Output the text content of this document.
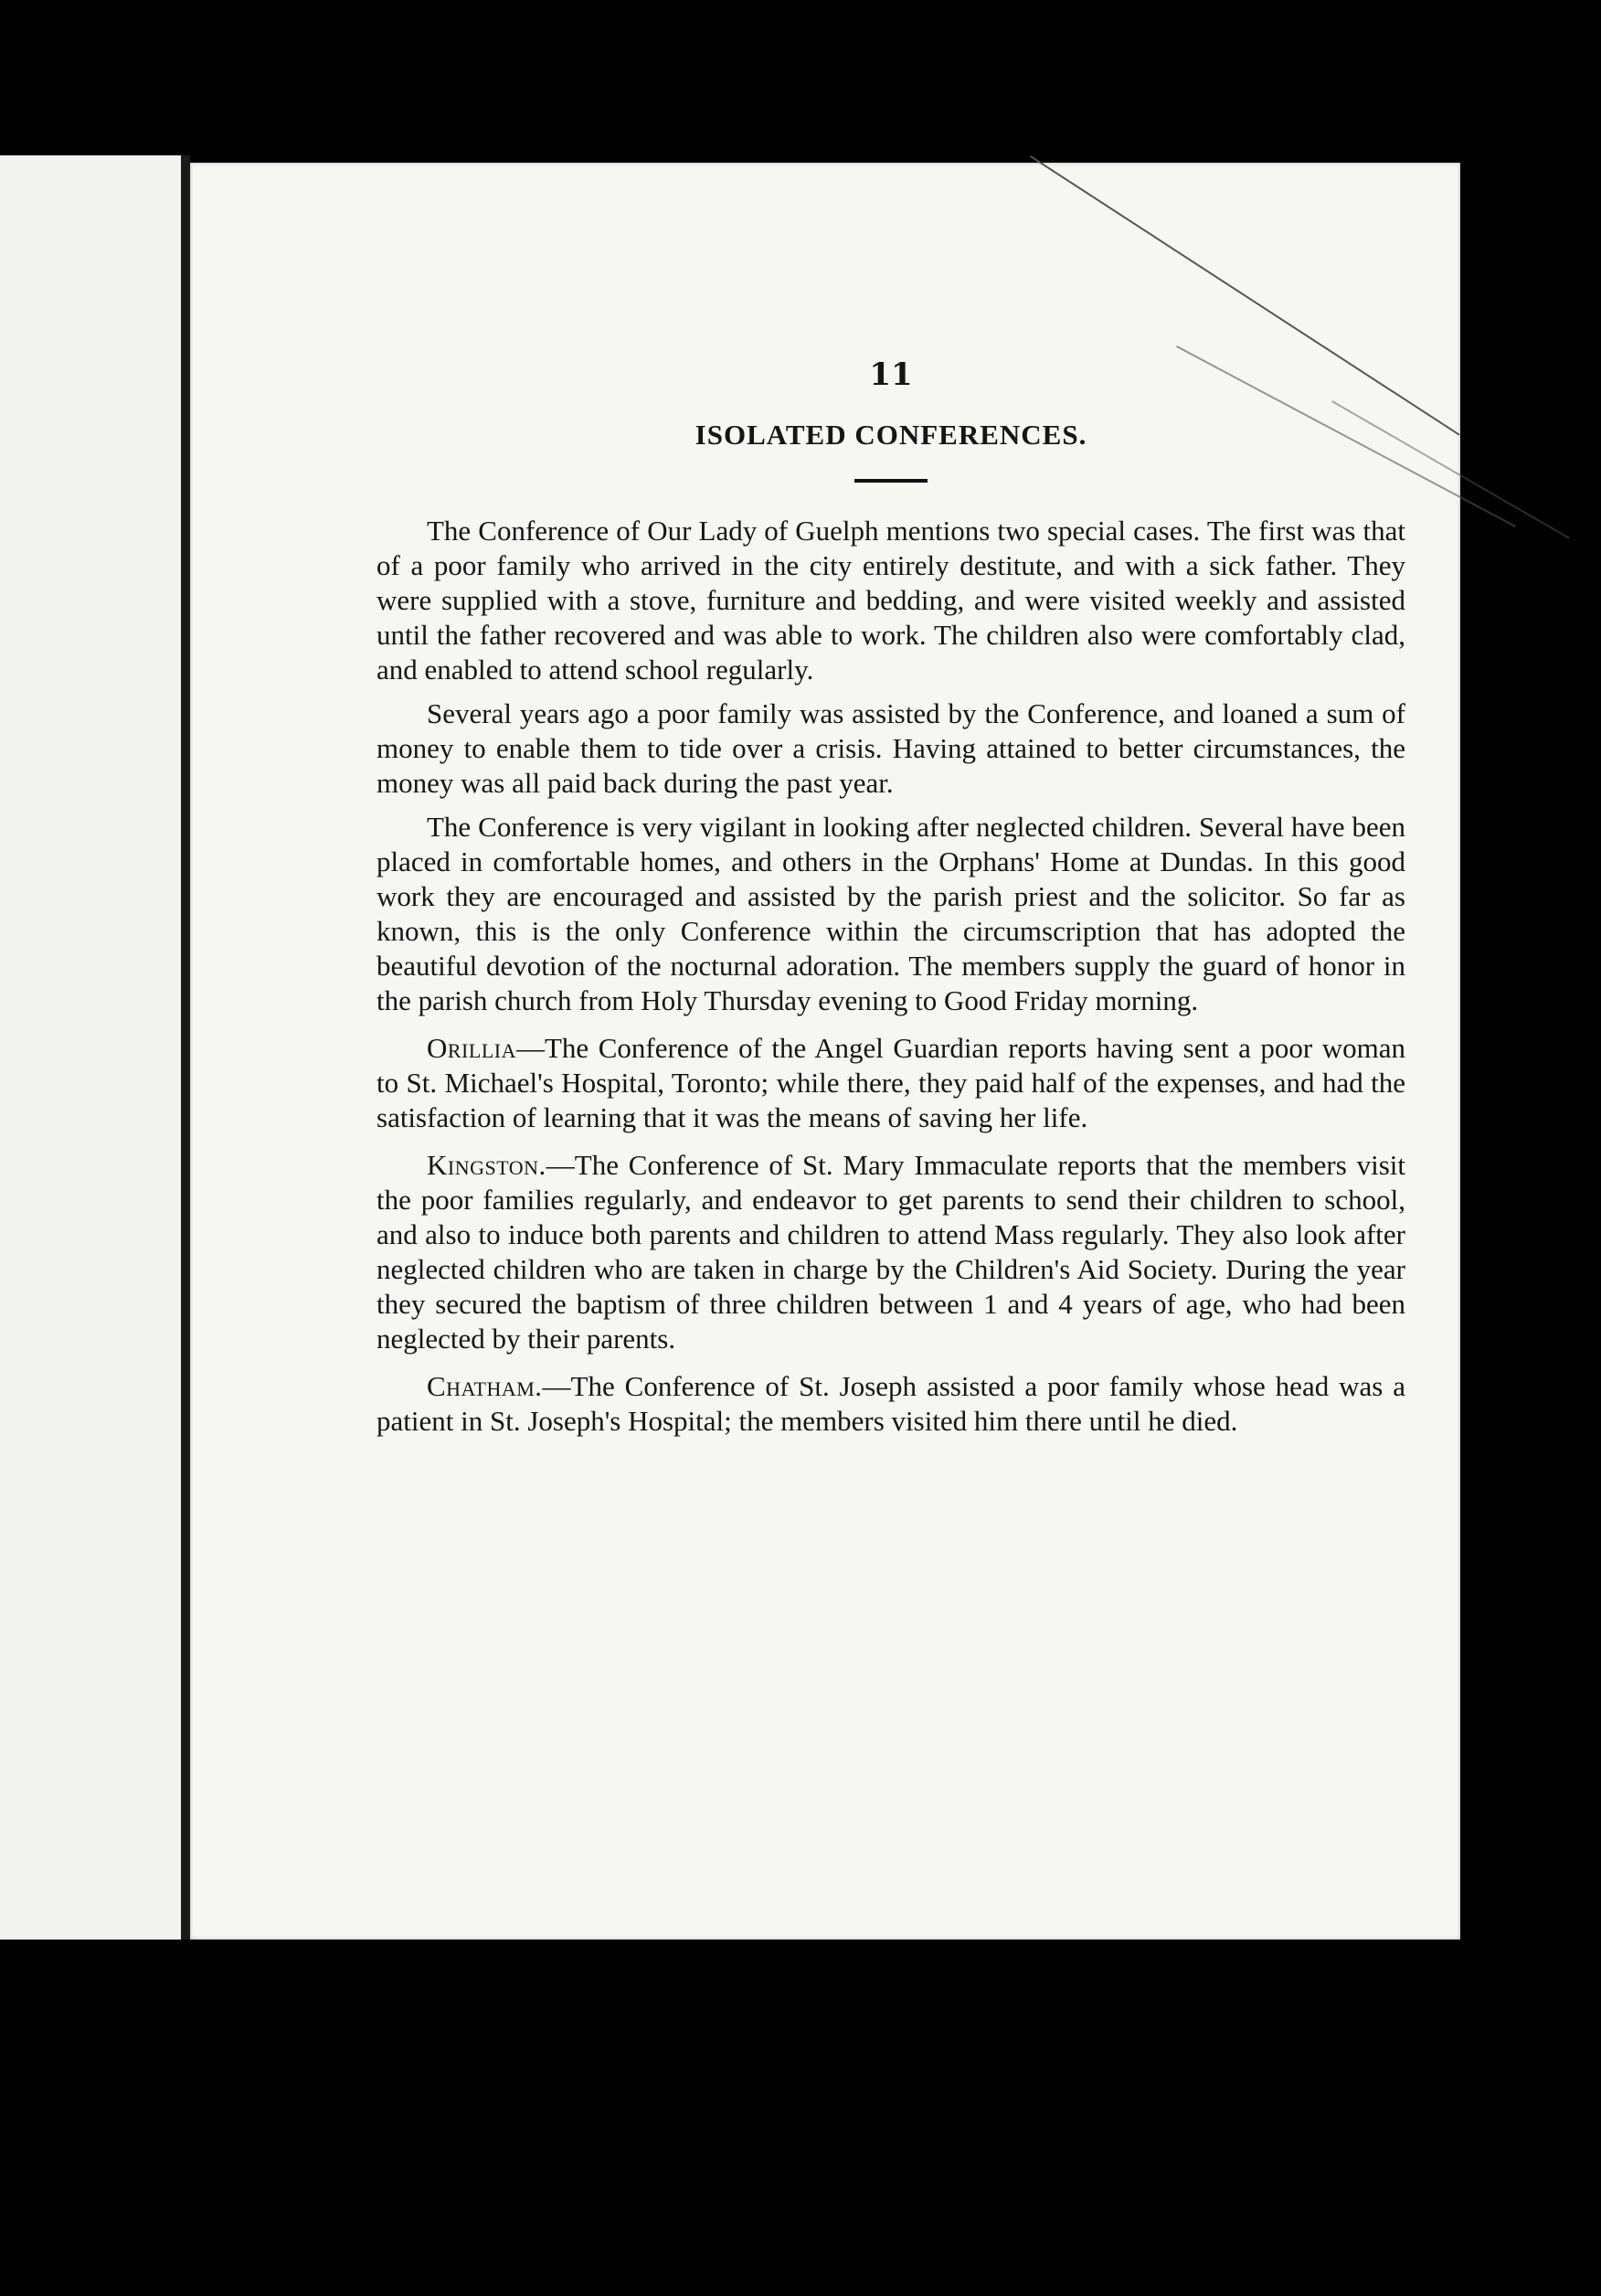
11
ISOLATED CONFERENCES.

The Conference of Our Lady of Guelph mentions two special cases. The first was that of a poor family who arrived in the city entirely destitute, and with a sick father. They were supplied with a stove, furniture and bedding, and were visited weekly and assisted until the father recovered and was able to work. The children also were comfortably clad, and enabled to attend school regularly.

Several years ago a poor family was assisted by the Conference, and loaned a sum of money to enable them to tide over a crisis. Having attained to better circumstances, the money was all paid back during the past year.

The Conference is very vigilant in looking after neglected children. Several have been placed in comfortable homes, and others in the Orphans' Home at Dundas. In this good work they are encouraged and assisted by the parish priest and the solicitor. So far as known, this is the only Conference within the circumscription that has adopted the beautiful devotion of the nocturnal adoration. The members supply the guard of honor in the parish church from Holy Thursday evening to Good Friday morning.

Orillia—The Conference of the Angel Guardian reports having sent a poor woman to St. Michael's Hospital, Toronto; while there, they paid half of the expenses, and had the satisfaction of learning that it was the means of saving her life.

Kingston.—The Conference of St. Mary Immaculate reports that the members visit the poor families regularly, and endeavor to get parents to send their children to school, and also to induce both parents and children to attend Mass regularly. They also look after neglected children who are taken in charge by the Children's Aid Society. During the year they secured the baptism of three children between 1 and 4 years of age, who had been neglected by their parents.

Chatham.—The Conference of St. Joseph assisted a poor family whose head was a patient in St. Joseph's Hospital; the members visited him there until he died.
